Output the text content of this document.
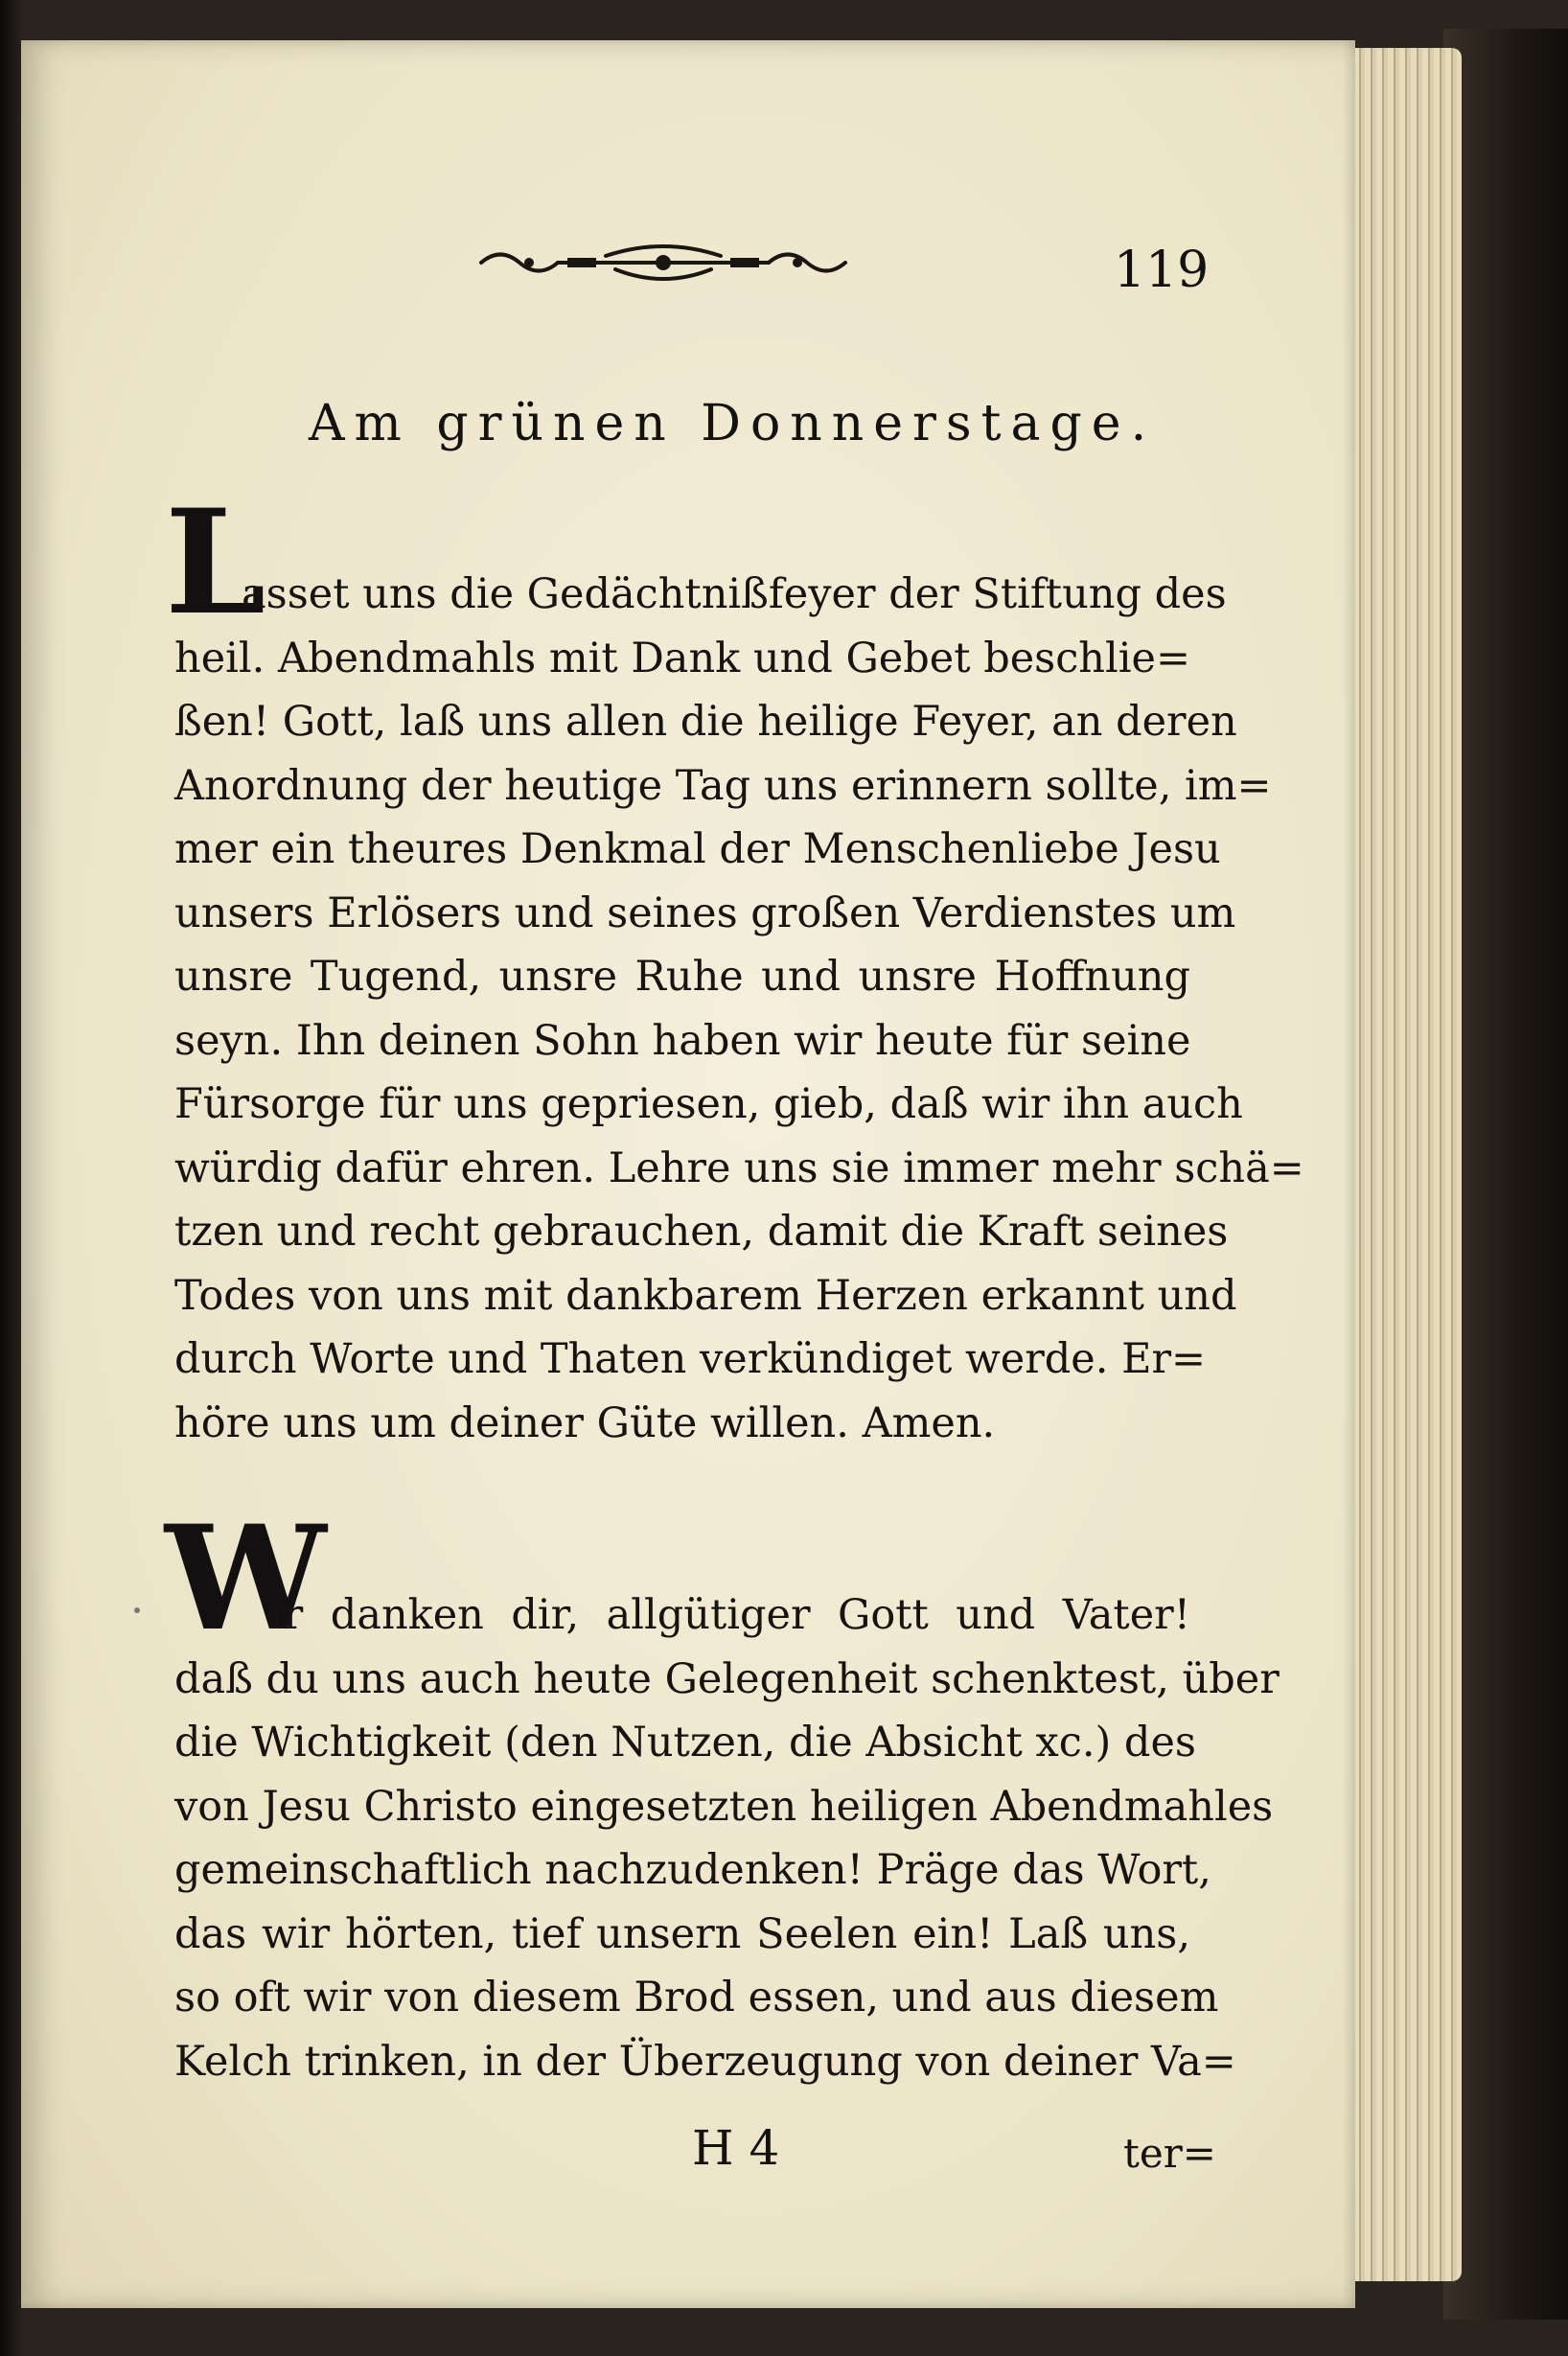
119
Am grünen Donnerstage.
L
asset uns die Gedächtnißfeyer der Stiftung des
heil. Abendmahls mit Dank und Gebet beschlie=
ßen! Gott, laß uns allen die heilige Feyer, an deren
Anordnung der heutige Tag uns erinnern sollte, im=
mer ein theures Denkmal der Menschenliebe Jesu
unsers Erlösers und seines großen Verdienstes um
unsre Tugend, unsre Ruhe und unsre Hoffnung
seyn. Ihn deinen Sohn haben wir heute für seine
Fürsorge für uns gepriesen, gieb, daß wir ihn auch
würdig dafür ehren. Lehre uns sie immer mehr schä=
tzen und recht gebrauchen, damit die Kraft seines
Todes von uns mit dankbarem Herzen erkannt und
durch Worte und Thaten verkündiget werde. Er=
höre uns um deiner Güte willen. Amen.
W
ir danken dir, allgütiger Gott und Vater!
daß du uns auch heute Gelegenheit schenktest, über
die Wichtigkeit (den Nutzen, die Absicht xc.) des
von Jesu Christo eingesetzten heiligen Abendmahles
gemeinschaftlich nachzudenken! Präge das Wort,
das wir hörten, tief unsern Seelen ein! Laß uns,
so oft wir von diesem Brod essen, und aus diesem
Kelch trinken, in der Überzeugung von deiner Va=
H 4	ter=
